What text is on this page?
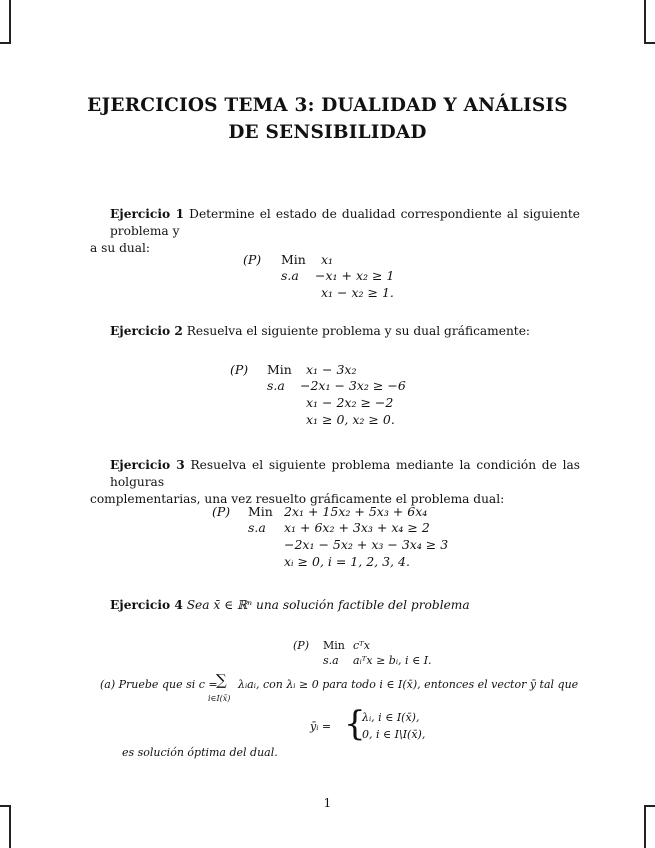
EJERCICIOS TEMA 3: DUALIDAD Y ANÁLISIS
DE SENSIBILIDAD
Ejercicio 1 Determine el estado de dualidad correspondiente al siguiente problema y
a su dual:
(P) Min x₁
s.a −x₁ + x₂ ≥ 1
x₁ − x₂ ≥ 1.
Ejercicio 2 Resuelva el siguiente problema y su dual gráficamente:
(P) Min x₁ − 3x₂
s.a −2x₁ − 3x₂ ≥ −6
x₁ − 2x₂ ≥ −2
x₁ ≥ 0, x₂ ≥ 0.
Ejercicio 3 Resuelva el siguiente problema mediante la condición de las holguras
complementarias, una vez resuelto gráficamente el problema dual:
(P) Min 2x₁ + 15x₂ + 5x₃ + 6x₄
s.a x₁ + 6x₂ + 3x₃ + x₄ ≥ 2
−2x₁ − 5x₂ + x₃ − 3x₄ ≥ 3
xᵢ ≥ 0, i = 1, 2, 3, 4.
Ejercicio 4 Sea x̄ ∈ ℝⁿ una solución factible del problema
(P) Min cᵀx
s.a aᵢᵀx ≥ bᵢ, i ∈ I.
(a) Pruebe que si c =
∑
i∈I(x̄)
λᵢaᵢ, con λᵢ ≥ 0 para todo i ∈ I(x̄), entonces el vector ȳ tal que
ȳᵢ = {
λᵢ, i ∈ I(x̄),
0, i ∈ I\I(x̄),
es solución óptima del dual.
1
